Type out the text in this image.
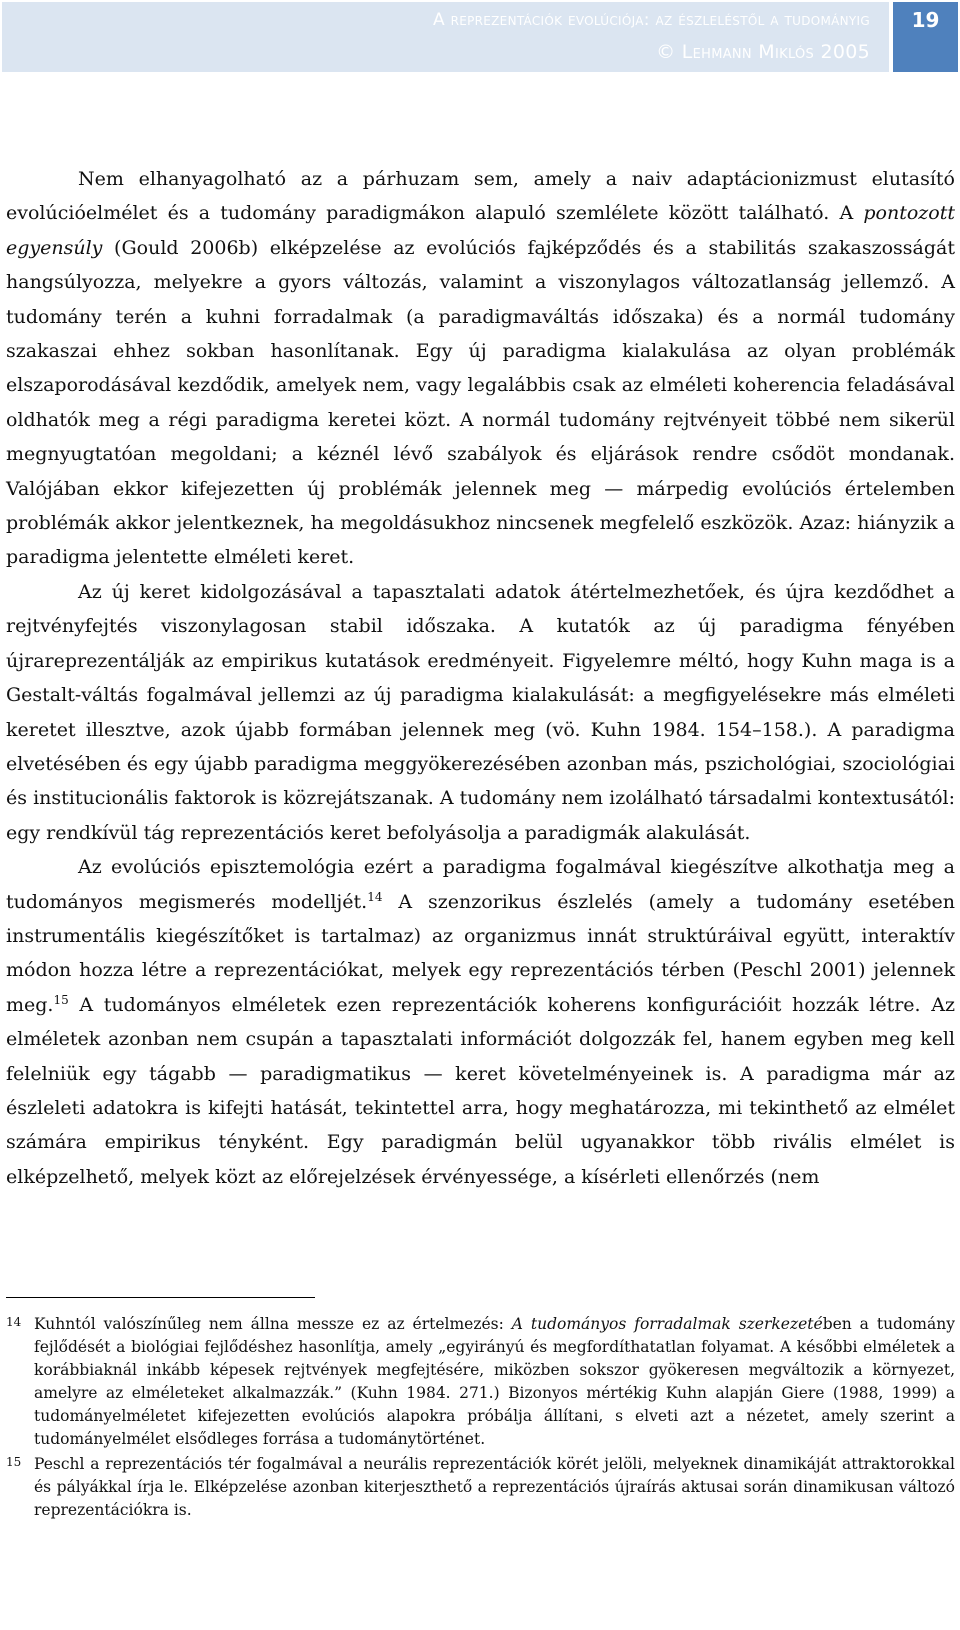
A reprezentációk evolúciója: az észleléstől a tudományig
© Lehmann Miklós 2005
19

Nem elhanyagolható az a párhuzam sem, amely a naiv adaptácionizmust elutasító evolúcióelmélet és a tudomány paradigmákon alapuló szemlélete között található. A pontozott egyensúly (Gould 2006b) elképzelése az evolúciós fajképződés és a stabilitás szakaszosságát hangsúlyozza, melyekre a gyors változás, valamint a viszonylagos változatlanság jellemző. A tudomány terén a kuhni forradalmak (a paradigmaváltás időszaka) és a normál tudomány szakaszai ehhez sokban hasonlítanak. Egy új paradigma kialakulása az olyan problémák elszaporodásával kezdődik, amelyek nem, vagy legalábbis csak az elméleti koherencia feladásával oldhatók meg a régi paradigma keretei közt. A normál tudomány rejtvényeit többé nem sikerül megnyugtatóan megoldani; a kéznél lévő szabályok és eljárások rendre csődöt mondanak. Valójában ekkor kifejezetten új problémák jelennek meg — márpedig evolúciós értelemben problémák akkor jelentkeznek, ha megoldásukhoz nincsenek megfelelő eszközök. Azaz: hiányzik a paradigma jelentette elméleti keret.

Az új keret kidolgozásával a tapasztalati adatok átértelmezhetőek, és újra kezdődhet a rejtvényfejtés viszonylagosan stabil időszaka. A kutatók az új paradigma fényében újrareprezentálják az empirikus kutatások eredményeit. Figyelemre méltó, hogy Kuhn maga is a Gestalt-váltás fogalmával jellemzi az új paradigma kialakulását: a megfigyelésekre más elméleti keretet illesztve, azok újabb formában jelennek meg (vö. Kuhn 1984. 154–158.). A paradigma elvetésében és egy újabb paradigma meggyökerezésében azonban más, pszichológiai, szociológiai és institucionális faktorok is közrejátszanak. A tudomány nem izolálható társadalmi kontextusától: egy rendkívül tág reprezentációs keret befolyásolja a paradigmák alakulását.

Az evolúciós episztemológia ezért a paradigma fogalmával kiegészítve alkothatja meg a tudományos megismerés modelljét.$^{14}$ A szenzorikus észlelés (amely a tudomány esetében instrumentális kiegészítőket is tartalmaz) az organizmus innát struktúráival együtt, interaktív módon hozza létre a reprezentációkat, melyek egy reprezentációs térben (Peschl 2001) jelennek meg.$^{15}$ A tudományos elméletek ezen reprezentációk koherens konfigurációit hozzák létre. Az elméletek azonban nem csupán a tapasztalati információt dolgozzák fel, hanem egyben meg kell felelniük egy tágabb — paradigmatikus — keret követelményeinek is. A paradigma már az észleleti adatokra is kifejti hatását, tekintettel arra, hogy meghatározza, mi tekinthető az elmélet számára empirikus tényként. Egy paradigmán belül ugyanakkor több rivális elmélet is elképzelhető, melyek közt az előrejelzések érvényessége, a kísérleti ellenőrzés (nem

14 Kuhntól valószínűleg nem állna messze ez az értelmezés: A tudományos forradalmak szerkezetében a tudomány fejlődését a biológiai fejlődéshez hasonlítja, amely „egyirányú és megfordíthatatlan folyamat. A későbbi elméletek a korábbiaknál inkább képesek rejtvények megfejtésére, miközben sokszor gyökeresen megváltozik a környezet, amelyre az elméleteket alkalmazzák.” (Kuhn 1984. 271.) Bizonyos mértékig Kuhn alapján Giere (1988, 1999) a tudományelméletet kifejezetten evolúciós alapokra próbálja állítani, s elveti azt a nézetet, amely szerint a tudományelmélet elsődleges forrása a tudománytörténet.

15 Peschl a reprezentációs tér fogalmával a neurális reprezentációk körét jelöli, melyeknek dinamikáját attraktorokkal és pályákkal írja le. Elképzelése azonban kiterjeszthető a reprezentációs újraírás aktusai során dinamikusan változó reprezentációkra is.
